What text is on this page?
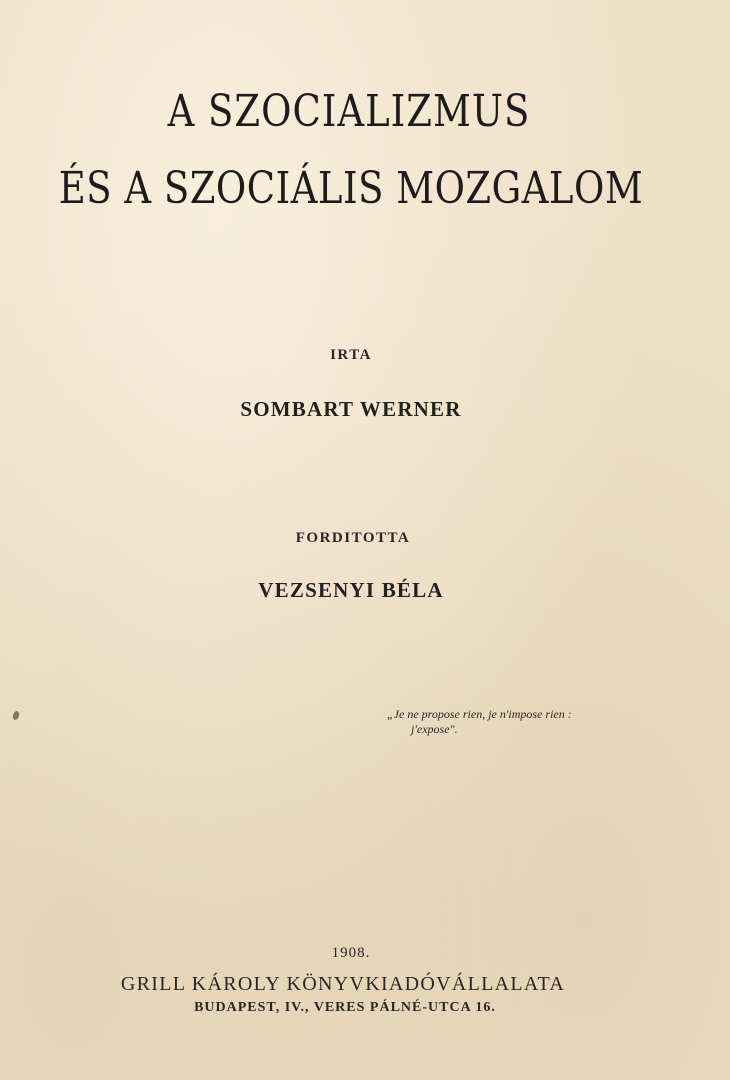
A SZOCIALIZMUS
ÉS A SZOCIÁLIS MOZGALOM
IRTA
SOMBART WERNER
FORDITOTTA
VEZSENYI BÉLA
„Je ne propose rien, je n'impose rien :
j'expose".
1908.
GRILL KÁROLY KÖNYVKIADÓVÁLLALATA
BUDAPEST, IV., VERES PÁLNÉ-UTCA 16.
